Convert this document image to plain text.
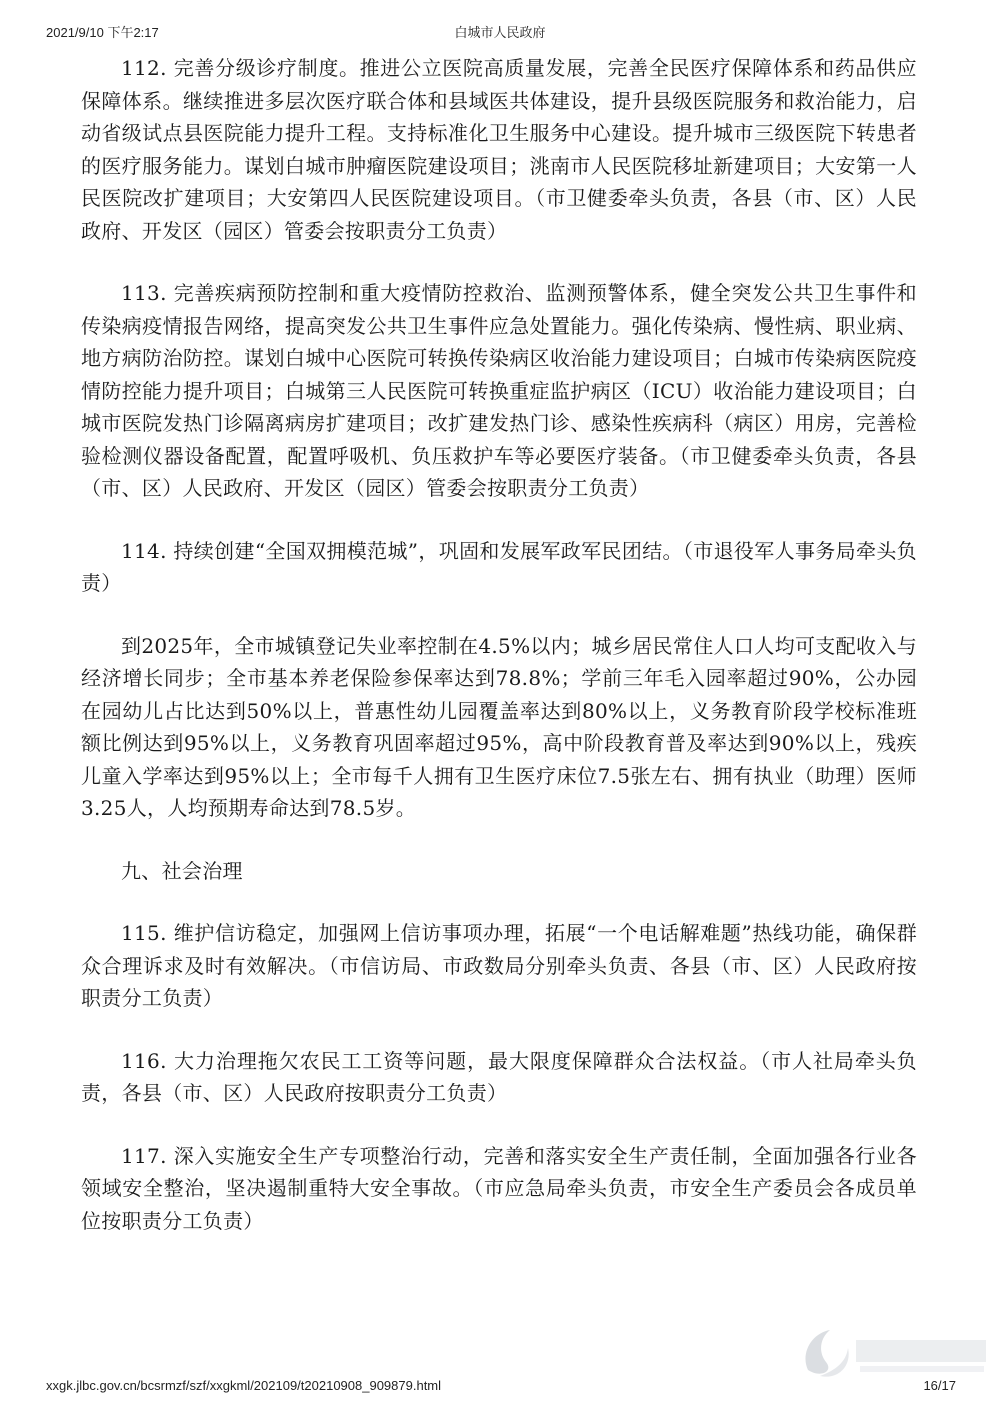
2021/9/10 下午2:17	白城市人民政府

112. 完善分级诊疗制度。推进公立医院高质量发展，完善全民医疗保障体系和药品供应保障体系。继续推进多层次医疗联合体和县域医共体建设，提升县级医院服务和救治能力，启动省级试点县医院能力提升工程。支持标准化卫生服务中心建设。提升城市三级医院下转患者的医疗服务能力。谋划白城市肿瘤医院建设项目；洮南市人民医院移址新建项目；大安第一人民医院改扩建项目；大安第四人民医院建设项目。（市卫健委牵头负责，各县（市、区）人民政府、开发区（园区）管委会按职责分工负责）

113. 完善疾病预防控制和重大疫情防控救治、监测预警体系，健全突发公共卫生事件和传染病疫情报告网络，提高突发公共卫生事件应急处置能力。强化传染病、慢性病、职业病、地方病防治防控。谋划白城中心医院可转换传染病区收治能力建设项目；白城市传染病医院疫情防控能力提升项目；白城第三人民医院可转换重症监护病区（ICU）收治能力建设项目；白城市医院发热门诊隔离病房扩建项目；改扩建发热门诊、感染性疾病科（病区）用房，完善检验检测仪器设备配置，配置呼吸机、负压救护车等必要医疗装备。（市卫健委牵头负责，各县（市、区）人民政府、开发区（园区）管委会按职责分工负责）

114. 持续创建“全国双拥模范城”，巩固和发展军政军民团结。（市退役军人事务局牵头负责）

到2025年，全市城镇登记失业率控制在4.5%以内；城乡居民常住人口人均可支配收入与经济增长同步；全市基本养老保险参保率达到78.8%；学前三年毛入园率超过90%，公办园在园幼儿占比达到50%以上，普惠性幼儿园覆盖率达到80%以上，义务教育阶段学校标准班额比例达到95%以上，义务教育巩固率超过95%，高中阶段教育普及率达到90%以上，残疾儿童入学率达到95%以上；全市每千人拥有卫生医疗床位7.5张左右、拥有执业（助理）医师3.25人，人均预期寿命达到78.5岁。

九、社会治理

115. 维护信访稳定，加强网上信访事项办理，拓展“一个电话解难题”热线功能，确保群众合理诉求及时有效解决。（市信访局、市政数局分别牵头负责、各县（市、区）人民政府按职责分工负责）

116. 大力治理拖欠农民工工资等问题，最大限度保障群众合法权益。（市人社局牵头负责，各县（市、区）人民政府按职责分工负责）

117. 深入实施安全生产专项整治行动，完善和落实安全生产责任制，全面加强各行业各领域安全整治，坚决遏制重特大安全事故。（市应急局牵头负责，市安全生产委员会各成员单位按职责分工负责）

xxgk.jlbc.gov.cn/bcsrmzf/szf/xxgkml/202109/t20210908_909879.html	16/17
